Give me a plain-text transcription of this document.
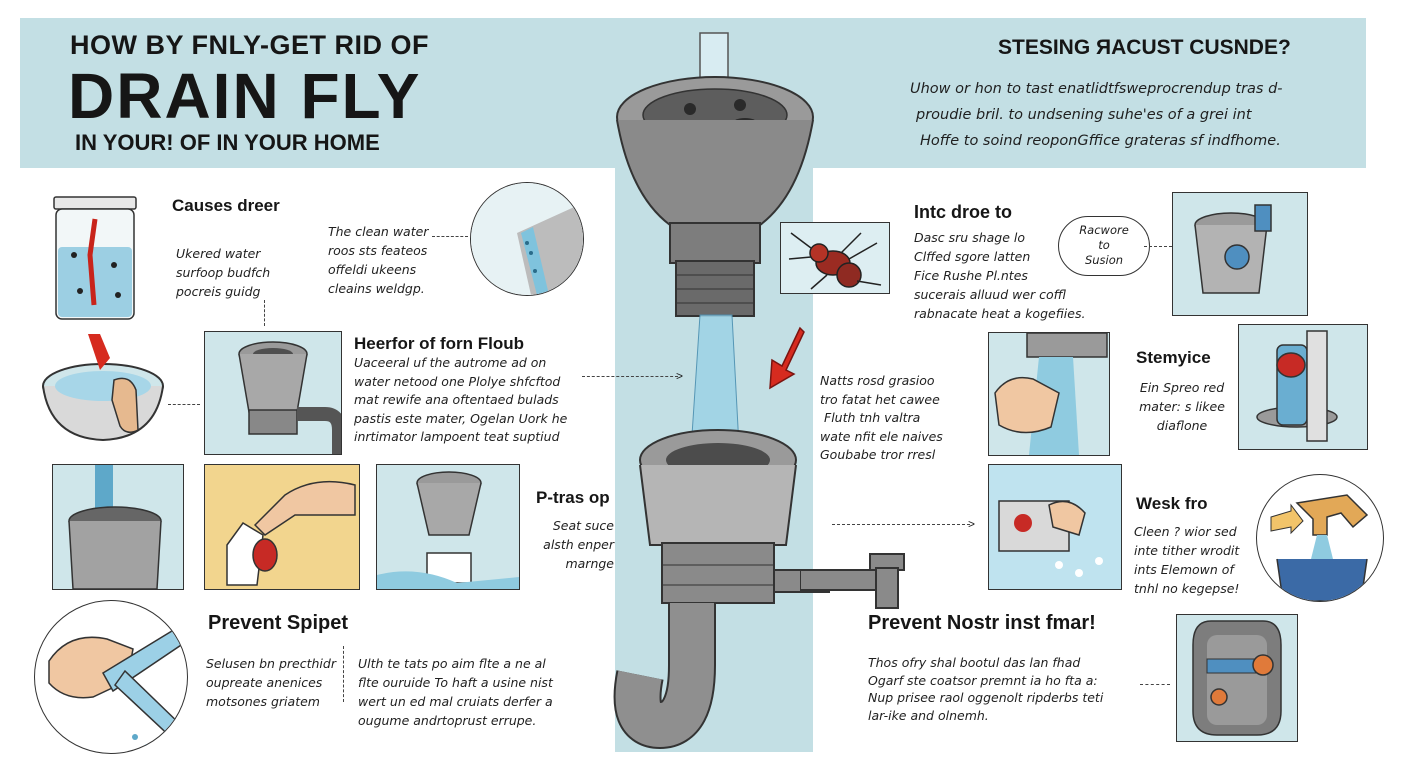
HOW BY FNLY-GET RID OF
DRAIN FLY
IN YOUR! OF IN YOUR HOME
STESING ЯACUST CUSNDE?
Uhow or hon to tast enatlidtfsweprocrendup tras d-
proudie bril. to undsening suhe'es of a grei int
Hoffe to soind reoponGffice grateras sf indfhome.
Causes dreer
Ukered water
surfoop budfch
pocreis guidg
The clean water
roos sts feateos
offeldi ukeens
cleains weldgp.
Heerfor of forn Floub
Uaceeral uf the autrome ad on
water netood one Plolye shfcftod
mat rewife ana oftentaed bulads
pastis este mater, Ogelan Uork he
inrtimator lampoent teat suptiud
>
P-tras op
Seat suce
alsth enper
marnge
Prevent Spipet
Selusen bn precthidr
oupreate anenices
motsones griatem
Ulth te tats po aim flte a ne al
flte ouruide To haft a usine nist
wert un ed mal cruiats derfer a
ougume andrtoprust errupe.
Intc droe to
Dasc sru shage lo
Clffed sgore latten
Fice Rushe Pl.ntes
sucerais alluud wer coffl
rabnacate heat a kogefiies.
Racwore
to
Susion
Natts rosd grasioo
tro fatat het cawee
Fluth tnh valtra
wate nfit ele naives
Goubabe tror rresl
Stemyice
Ein Spreo red
mater: s likee
diaflone
>
Wesk fro
Cleen ? wior sed
inte tither wrodit
ints Elemown of
tnhl no kegepse!
Prevent Nostr inst fmar!
Thos ofry shal bootul das lan fhad
Ogarf ste coatsor premnt ia ho fta a:
Nup prisee raol oggenolt ripderbs teti
lar-ike and olnemh.
